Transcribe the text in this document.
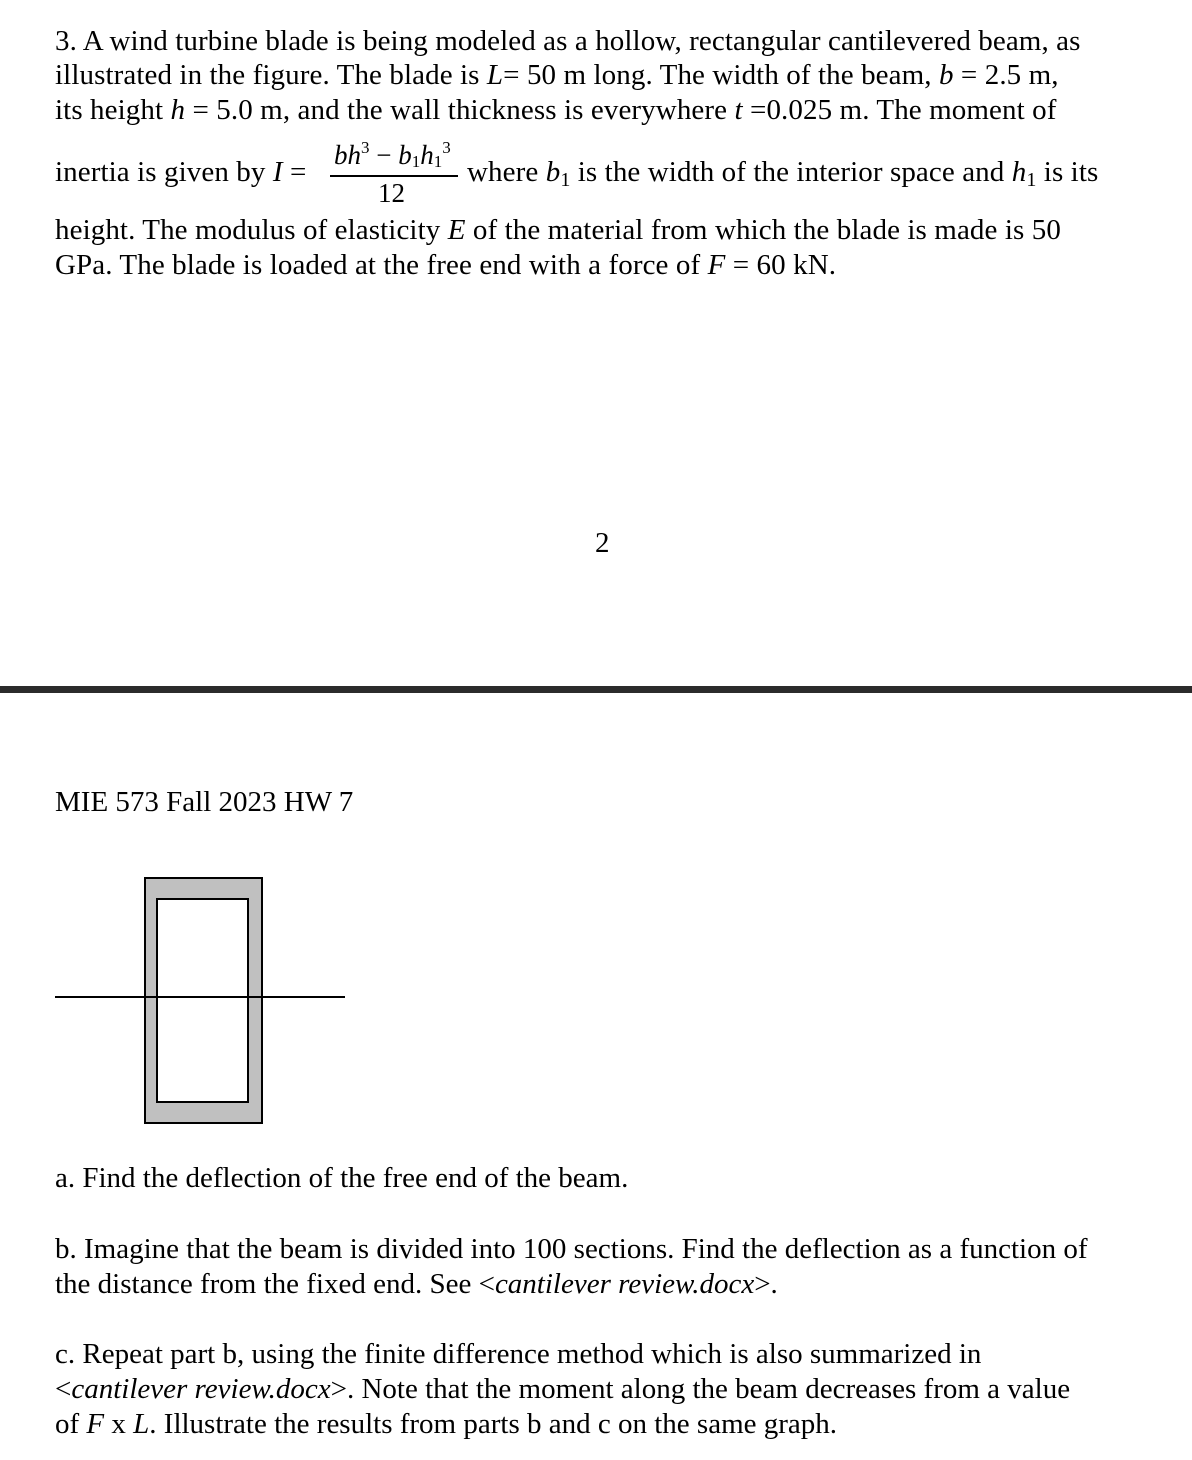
3. A wind turbine blade is being modeled as a hollow, rectangular cantilevered beam, as
illustrated in the figure. The blade is L= 50 m long. The width of the beam, b = 2.5 m,
its height h = 5.0 m, and the wall thickness is everywhere t =0.025 m. The moment of
inertia is given by I =
$bh^3 - b1h1^3$
12
where $b_1$ is the width of the interior space and $h_1$ is its
height. The modulus of elasticity E of the material from which the blade is made is 50
GPa. The blade is loaded at the free end with a force of F = 60 kN.
2
MIE 573 Fall 2023 HW 7
a. Find the deflection of the free end of the beam.
b. Imagine that the beam is divided into 100 sections. Find the deflection as a function of
the distance from the fixed end. See <cantilever review.docx>.
c. Repeat part b, using the finite difference method which is also summarized in
<cantilever review.docx>. Note that the moment along the beam decreases from a value
of F x L. Illustrate the results from parts b and c on the same graph.
